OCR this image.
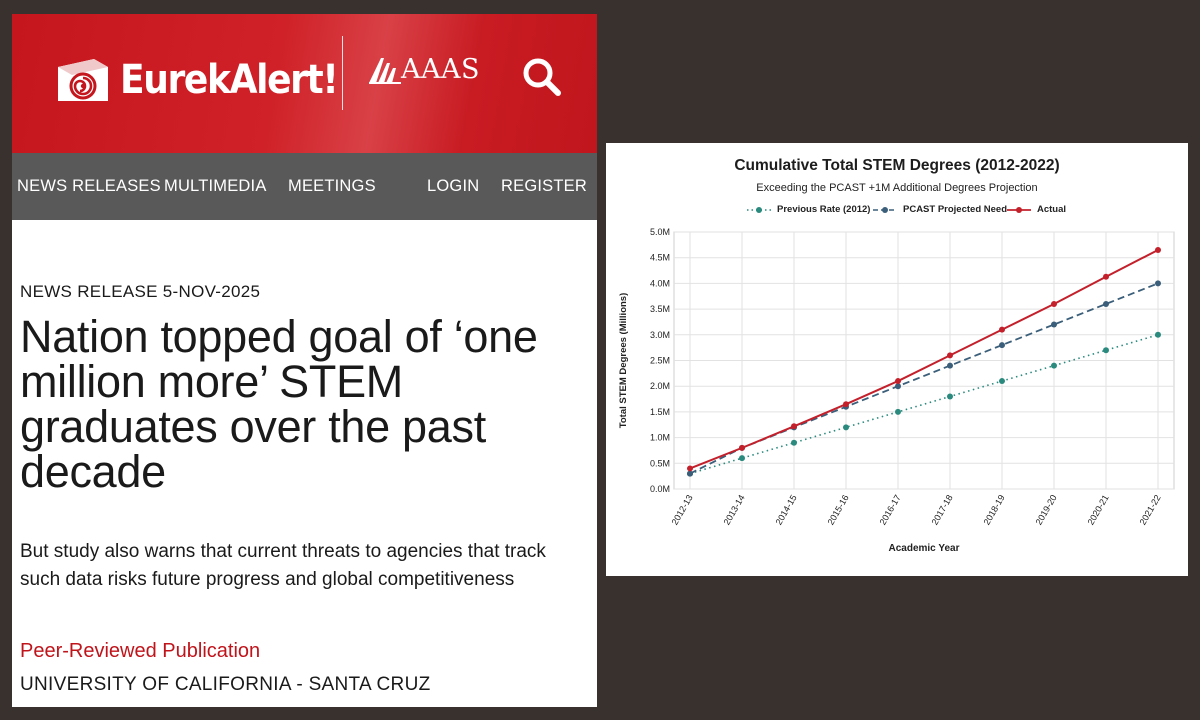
EurekAlert! AAAS
NEWS RELEASES MULTIMEDIA MEETINGS	LOGIN REGISTER
NEWS RELEASE 5-NOV-2025
Nation topped goal of ‘one million more’ STEM graduates over the past decade

But study also warns that current threats to agencies that track such data risks future progress and global competitiveness

Peer-Reviewed Publication
UNIVERSITY OF CALIFORNIA - SANTA CRUZ
Cumulative Total STEM Degrees (2012-2022)
Exceeding the PCAST +1M Additional Degrees Projection
Previous Rate (2012)	PCAST Projected Need	Actual
0.0M
0.5M
1.0M
1.5M
2.0M
2.5M
3.0M
3.5M
4.0M
4.5M
5.0M
2012-13	2013-14	2014-15	2015-16	2016-17	2017-18	2018-19	2019-20	2020-21	2021-22
Academic Year
Total STEM Degrees (Millions)
